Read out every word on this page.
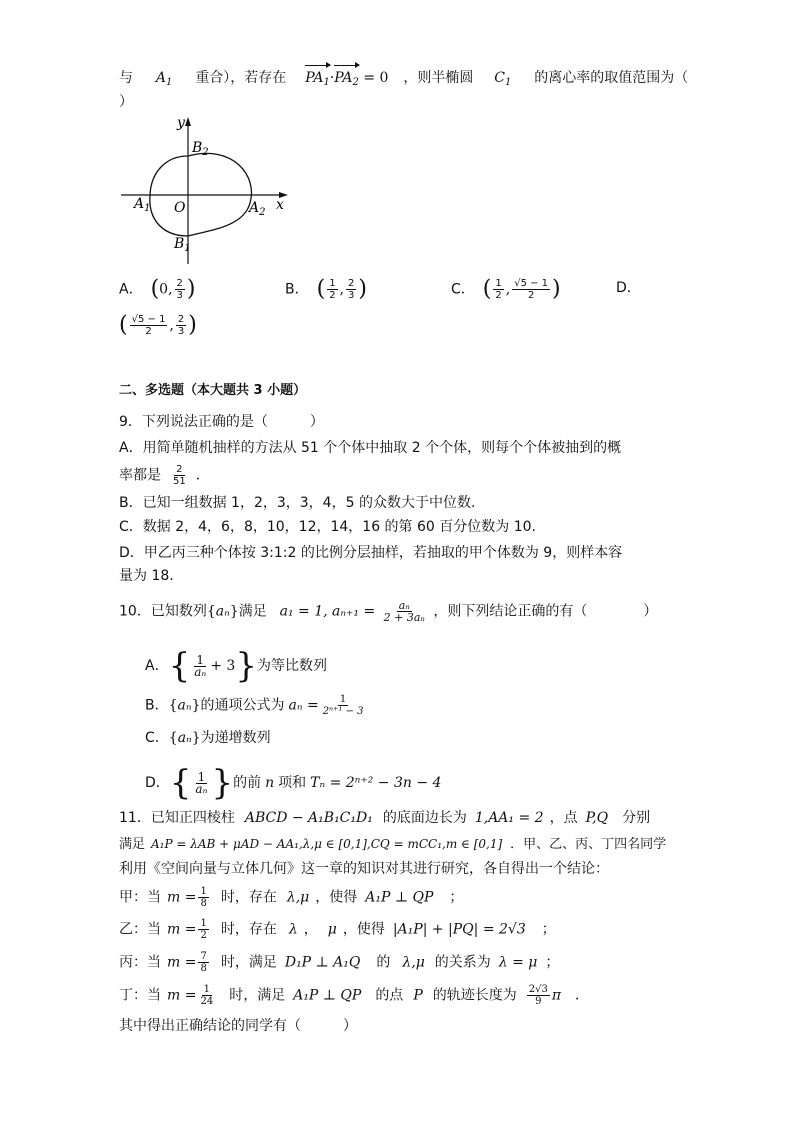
与 $A_1$ 重合），若存在 $PA_1\cdot PA_2 = 0$ ，则半椭圆 $C_1$ 的离心率的取值范围为（
）
y
x
O
$B_2$
$B_1$
$A_1$	$A_2$
A． (0, $\frac{2}{3}$ )	B． ( $\frac{1}{2}$ , $\frac{2}{3}$ )	C． ( $\frac{1}{2}$ , $\frac{√5 - 1}{2}$ )	D．
( $\frac{√5 - 1}{2}$ , $\frac{2}{3}$ )
二、多选题（本大题共 3 小题）
9．下列说法正确的是（　　　）
A．用简单随机抽样的方法从 51 个个体中抽取 2 个个体，则每个个体被抽到的概
率都是 $\frac{2}{51}$ ．
B．已知一组数据 1，2，3，3，4，5 的众数大于中位数.
C．数据 2，4，6，8，10，12，14，16 的第 60 百分位数为 10.
D．甲乙丙三种个体按 3:1:2 的比例分层抽样，若抽取的甲个体数为 9，则样本容
量为 18.
10．已知数列{aₙ}满足 a₁ = 1, $a_{n+1} = \frac{\text{aₙ}}{\text{2 + 3aₙ}}$ ，则下列结论正确的有（　　　　）
A．{ $\frac{1}{\text{aₙ}} + 3$}为等比数列
B．{aₙ}的通项公式为 $a_n = \frac{1}{\text{2ⁿ⁺¹ − 3}}$
C．{aₙ}为递增数列
D．{ $\frac{1}{\text{aₙ}}$ }的前 n 项和 Tₙ = 2ⁿ⁺² − 3n − 4
11．已知正四棱柱 ABCD − A₁B₁C₁D₁ 的底面边长为 1,AA₁ = 2 ，点 P,Q 分别
满足 A₁P = λAB + μAD − AA₁,λ,μ ∈ [0,1],CQ = mCC₁,m ∈ [0,1] ．甲、乙、丙、丁四名同学
利用《空间向量与立体几何》这一章的知识对其进行研究，各自得出一个结论：
甲：当 $m = \frac{1}{8}$ 时，存在 λ,μ ，使得 A₁P ⊥ QP ；
乙：当 $m = \frac{1}{2}$ 时，存在 λ ， μ ，使得 |A₁P| + |PQ| = 2√3 ；
丙：当 $m = \frac{7}{8}$ 时，满足 D₁P ⊥ A₁Q 的 λ,μ 的关系为 λ = μ ；
丁：当 $m = \frac{1}{24}$ 时，满足 A₁P ⊥ QP 的点 P 的轨迹长度为 $\frac{2√3}{9}$ π ．
其中得出正确结论的同学有（　　　）
